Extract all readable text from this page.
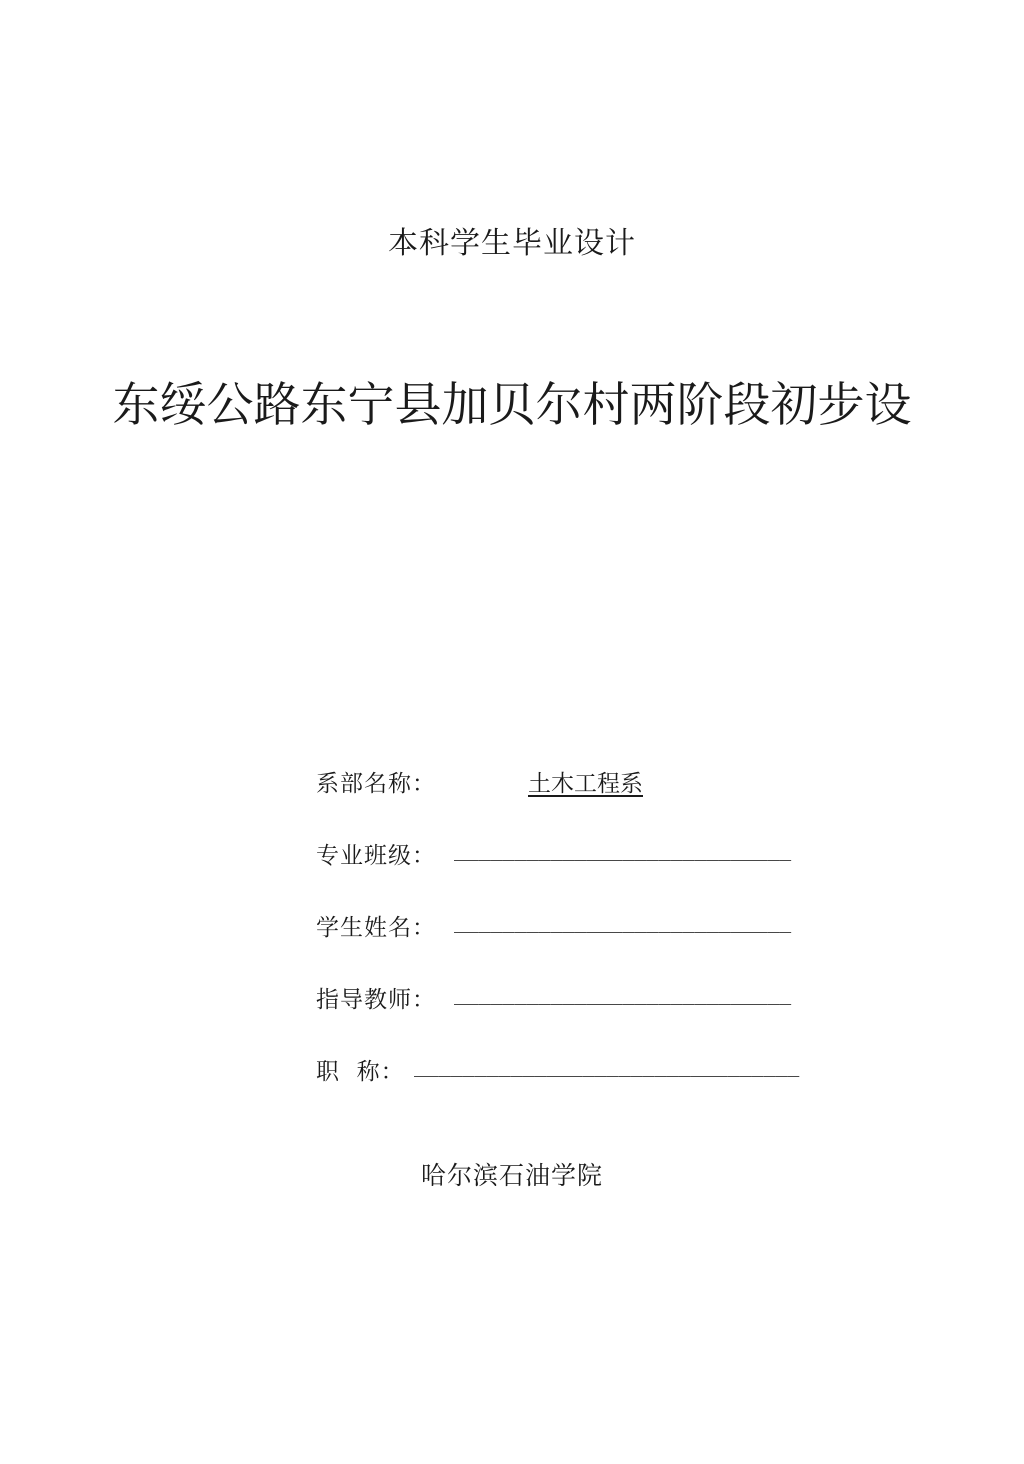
本科学生毕业设计
东绥公路东宁县加贝尔村两阶段初步设
系部名称：	土木工程系
专业班级： ____________________________
学生姓名： ____________________________
指导教师： ____________________________
职  称： ________________________________
哈尔滨石油学院
